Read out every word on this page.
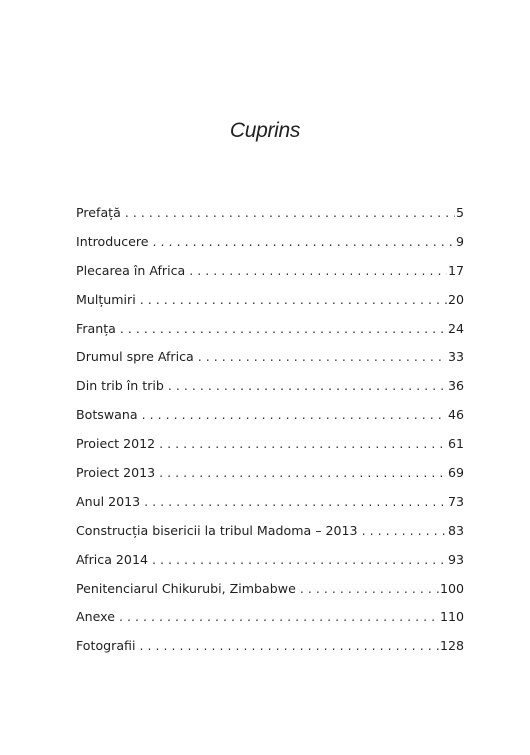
Cuprins
Prefață . . .	5
Introducere . . .	9
Plecarea în Africa . . .	17
Mulțumiri . . .	20
Franța . . .	24
Drumul spre Africa . . .	33
Din trib în trib . . .	36
Botswana . . .	46
Proiect 2012 . . .	61
Proiect 2013 . . .	69
Anul 2013 . . .	73
Construcția bisericii la tribul Madoma – 2013 . . .	83
Africa 2014 . . .	93
Penitenciarul Chikurubi, Zimbabwe . . .	100
Anexe . . .	110
Fotografii . . .	128
